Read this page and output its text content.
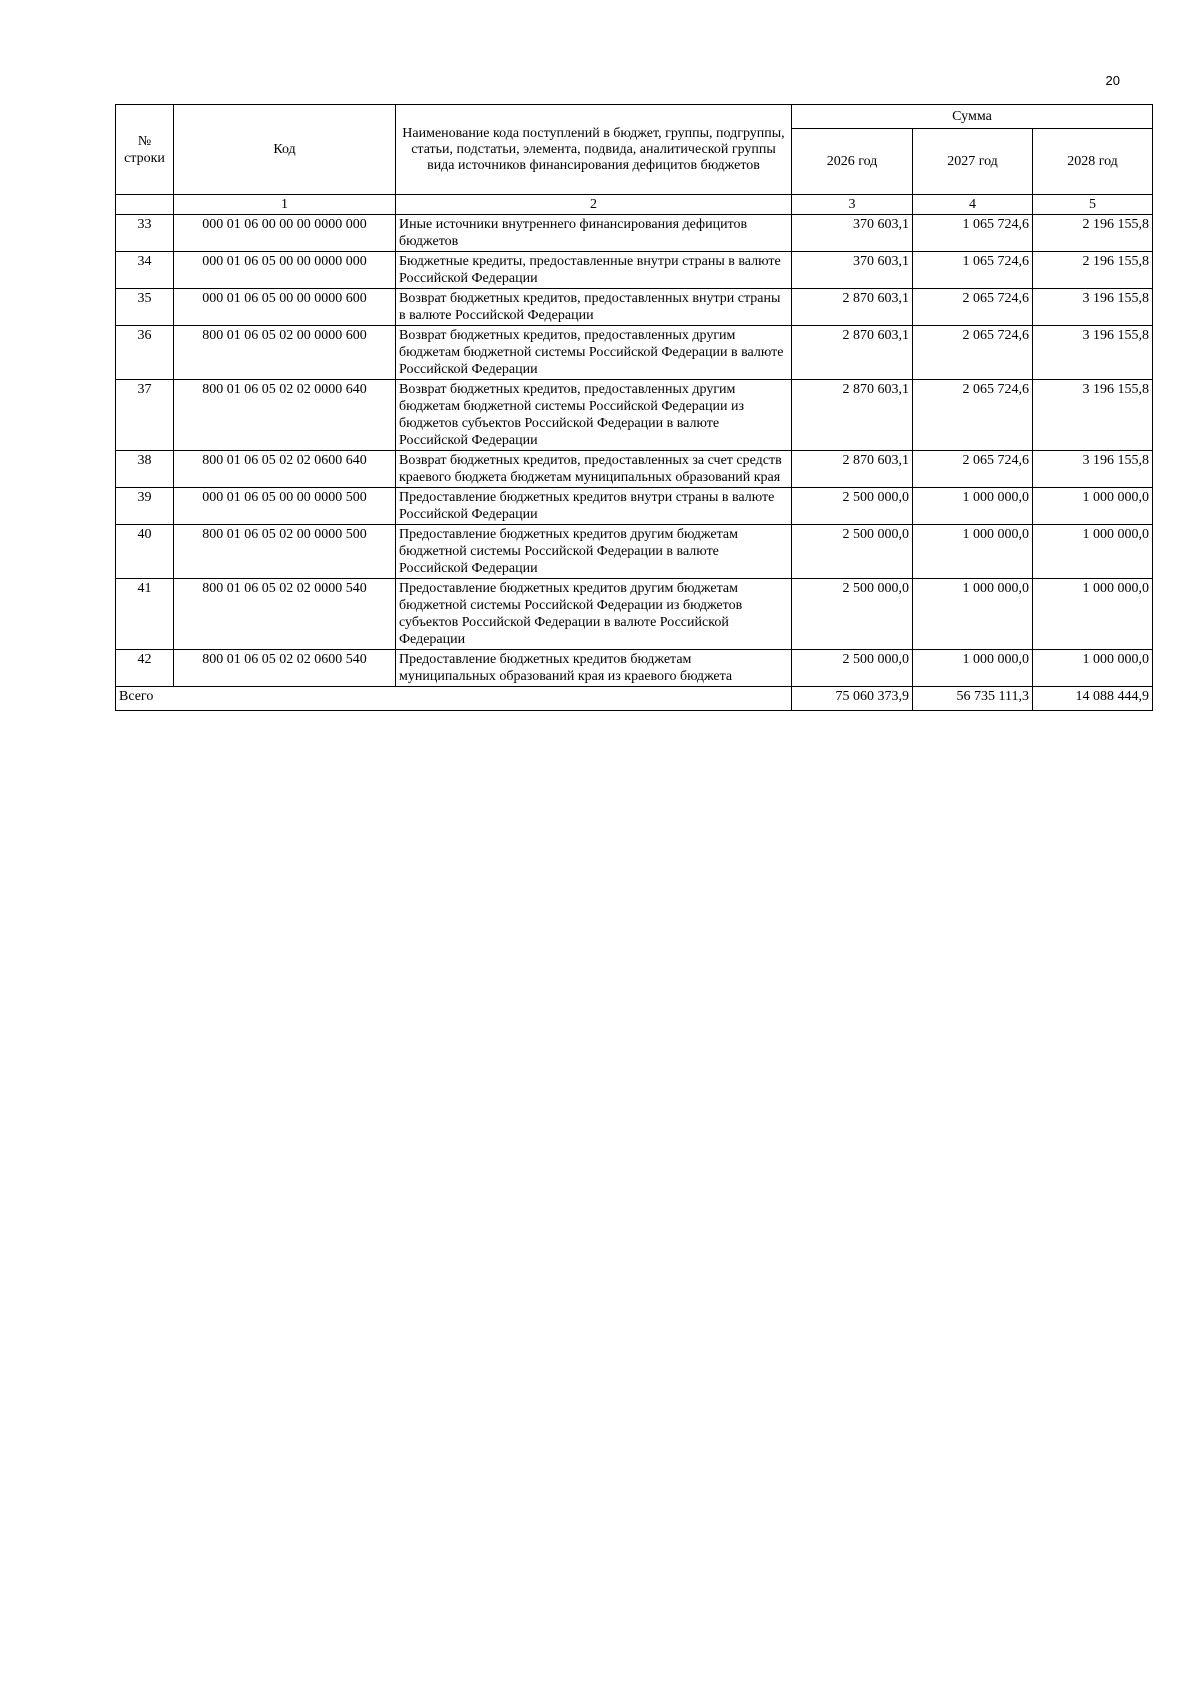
20
№ строки	Код	Наименование кода поступлений в бюджет, группы, подгруппы, статьи, подстатьи, элемента, подвида, аналитической группы вида источников финансирования дефицитов бюджетов	Сумма		
			2026 год	2027 год	2028 год
	1	2	3	4	5
33	000 01 06 00 00 00 0000 000	Иные источники внутреннего финансирования дефицитов бюджетов	370 603,1	1 065 724,6	2 196 155,8
34	000 01 06 05 00 00 0000 000	Бюджетные кредиты, предоставленные внутри страны в валюте Российской Федерации	370 603,1	1 065 724,6	2 196 155,8
35	000 01 06 05 00 00 0000 600	Возврат бюджетных кредитов, предоставленных внутри страны в валюте Российской Федерации	2 870 603,1	2 065 724,6	3 196 155,8
36	800 01 06 05 02 00 0000 600	Возврат бюджетных кредитов, предоставленных другим бюджетам бюджетной системы Российской Федерации в валюте Российской Федерации	2 870 603,1	2 065 724,6	3 196 155,8
37	800 01 06 05 02 02 0000 640	Возврат бюджетных кредитов, предоставленных другим бюджетам бюджетной системы Российской Федерации из бюджетов субъектов Российской Федерации в валюте Российской Федерации	2 870 603,1	2 065 724,6	3 196 155,8
38	800 01 06 05 02 02 0600 640	Возврат бюджетных кредитов, предоставленных за счет средств краевого бюджета бюджетам муниципальных образований края	2 870 603,1	2 065 724,6	3 196 155,8
39	000 01 06 05 00 00 0000 500	Предоставление бюджетных кредитов внутри страны в валюте Российской Федерации	2 500 000,0	1 000 000,0	1 000 000,0
40	800 01 06 05 02 00 0000 500	Предоставление бюджетных кредитов другим бюджетам бюджетной системы Российской Федерации в валюте Российской Федерации	2 500 000,0	1 000 000,0	1 000 000,0
41	800 01 06 05 02 02 0000 540	Предоставление бюджетных кредитов другим бюджетам бюджетной системы Российской Федерации из бюджетов субъектов Российской Федерации в валюте Российской Федерации	2 500 000,0	1 000 000,0	1 000 000,0
42	800 01 06 05 02 02 0600 540	Предоставление бюджетных кредитов бюджетам муниципальных образований края из краевого бюджета	2 500 000,0	1 000 000,0	1 000 000,0
Всего			75 060 373,9	56 735 111,3	14 088 444,9
